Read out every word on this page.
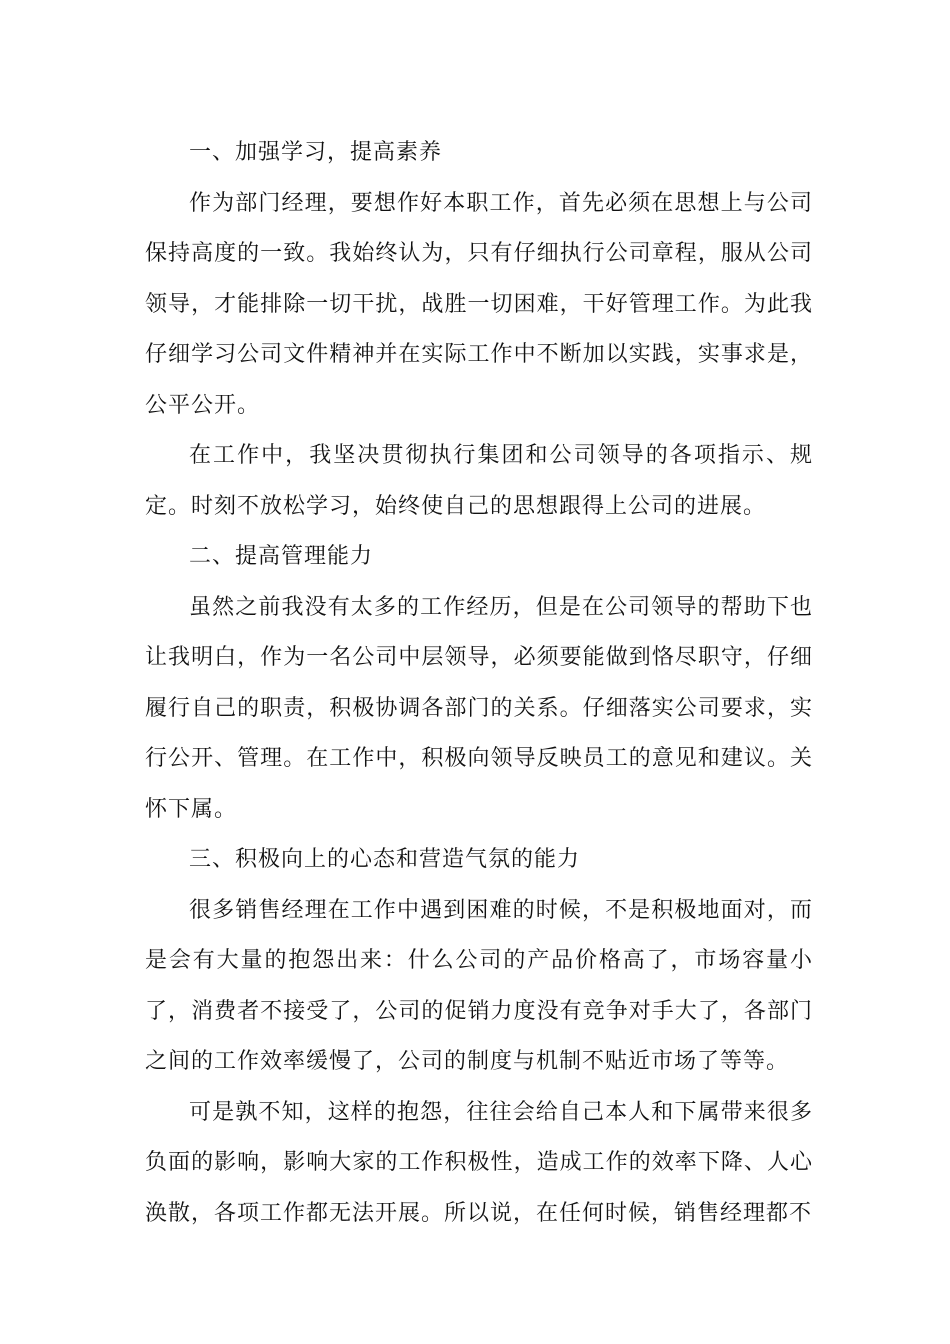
一、加强学习，提高素养

作为部门经理，要想作好本职工作，首先必须在思想上与公司保持高度的一致。我始终认为，只有仔细执行公司章程，服从公司领导，才能排除一切干扰，战胜一切困难，干好管理工作。为此我仔细学习公司文件精神并在实际工作中不断加以实践，实事求是，公平公开。

在工作中，我坚决贯彻执行集团和公司领导的各项指示、规定。时刻不放松学习，始终使自己的思想跟得上公司的进展。

二、提高管理能力

虽然之前我没有太多的工作经历，但是在公司领导的帮助下也让我明白，作为一名公司中层领导，必须要能做到恪尽职守，仔细履行自己的职责，积极协调各部门的关系。仔细落实公司要求，实行公开、管理。在工作中，积极向领导反映员工的意见和建议。关怀下属。

三、积极向上的心态和营造气氛的能力

很多销售经理在工作中遇到困难的时候，不是积极地面对，而是会有大量的抱怨出来：什么公司的产品价格高了，市场容量小了，消费者不接受了，公司的促销力度没有竞争对手大了，各部门之间的工作效率缓慢了，公司的制度与机制不贴近市场了等等。

可是孰不知，这样的抱怨，往往会给自己本人和下属带来很多负面的影响，影响大家的工作积极性，造成工作的效率下降、人心涣散，各项工作都无法开展。所以说，在任何时候，销售经理都不
